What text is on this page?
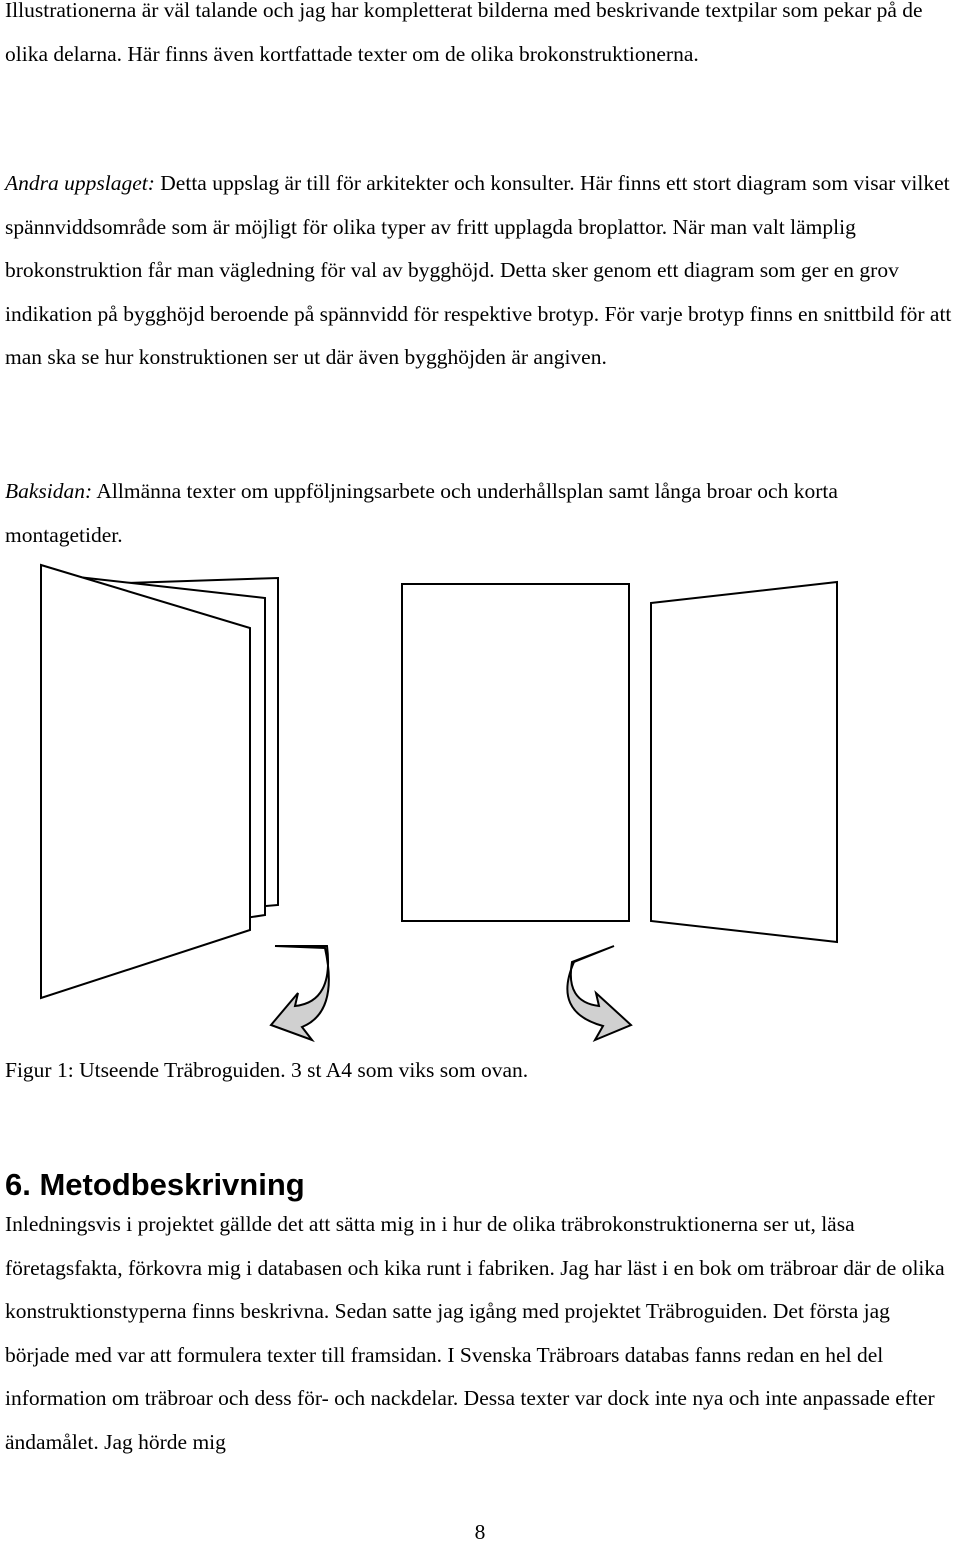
Illustrationerna är väl talande och jag har kompletterat bilderna med beskrivande textpilar som pekar på de olika delarna. Här finns även kortfattade texter om de olika brokonstruktionerna.

Andra uppslaget: Detta uppslag är till för arkitekter och konsulter. Här finns ett stort diagram som visar vilket spännviddsområde som är möjligt för olika typer av fritt upplagda broplattor. När man valt lämplig brokonstruktion får man vägledning för val av bygghöjd. Detta sker genom ett diagram som ger en grov indikation på bygghöjd beroende på spännvidd för respektive brotyp. För varje brotyp finns en snittbild för att man ska se hur konstruktionen ser ut där även bygghöjden är angiven.

Baksidan: Allmänna texter om uppföljningsarbete och underhållsplan samt långa broar och korta montagetider.

Figur 1: Utseende Träbroguiden. 3 st A4 som viks som ovan.

6. Metodbeskrivning

Inledningsvis i projektet gällde det att sätta mig in i hur de olika träbrokonstruktionerna ser ut, läsa företagsfakta, förkovra mig i databasen och kika runt i fabriken. Jag har läst i en bok om träbroar där de olika konstruktionstyperna finns beskrivna. Sedan satte jag igång med projektet Träbroguiden. Det första jag började med var att formulera texter till framsidan. I Svenska Träbroars databas fanns redan en hel del information om träbroar och dess för- och nackdelar. Dessa texter var dock inte nya och inte anpassade efter ändamålet. Jag hörde mig

8
